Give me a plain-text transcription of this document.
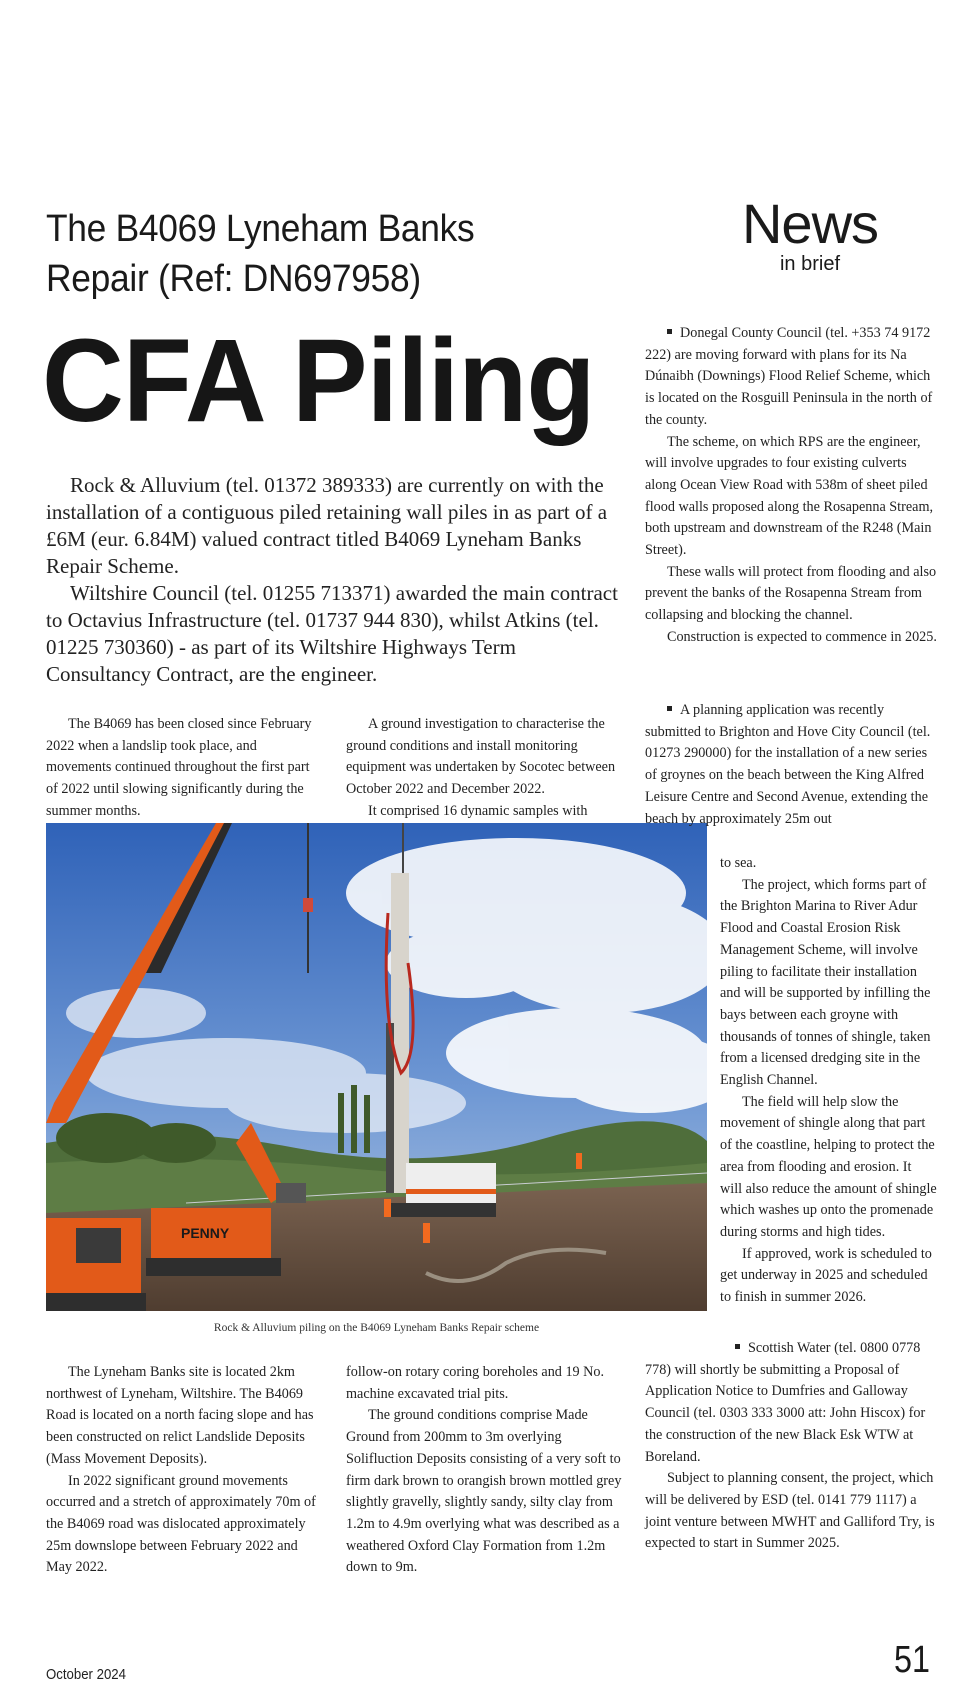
The B4069 Lyneham Banks
Repair (Ref: DN697958)
CFA Piling

Rock & Alluvium (tel. 01372 389333) are currently on with the installation of a contiguous piled retaining wall piles in as part of a £6M (eur. 6.84M) valued contract titled B4069 Lyneham Banks Repair Scheme.

Wiltshire Council (tel. 01255 713371) awarded the main contract to Octavius Infrastructure (tel. 01737 944 830), whilst Atkins (tel. 01225 730360) - as part of its Wiltshire Highways Term Consultancy Contract, are the engineer.

The B4069 has been closed since February 2022 when a landslip took place, and movements continued throughout the first part of 2022 until slowing significantly during the summer months.

A ground investigation to characterise the ground conditions and install monitoring equipment was undertaken by Socotec between October 2022 and December 2022.

It comprised 16 dynamic samples with

PENNY
Rock & Alluvium piling on the B4069 Lyneham Banks Repair scheme

The Lyneham Banks site is located 2km northwest of Lyneham, Wiltshire. The B4069 Road is located on a north facing slope and has been constructed on relict Landslide Deposits (Mass Movement Deposits).

In 2022 significant ground movements occurred and a stretch of approximately 70m of the B4069 road was dislocated approximately 25m downslope between February 2022 and May 2022.

follow-on rotary coring boreholes and 19 No. machine excavated trial pits.

The ground conditions comprise Made Ground from 200mm to 3m overlying Solifluction Deposits consisting of a very soft to firm dark brown to orangish brown mottled grey slightly gravelly, slightly sandy, silty clay from 1.2m to 4.9m overlying what was described as a weathered Oxford Clay Formation from 1.2m down to 9m.

News
in brief

Donegal County Council (tel. +353 74 9172 222) are moving forward with plans for its Na Dúnaibh (Downings) Flood Relief Scheme, which is located on the Rosguill Peninsula in the north of the county.

The scheme, on which RPS are the engineer, will involve upgrades to four existing culverts along Ocean View Road with 538m of sheet piled flood walls proposed along the Rosapenna Stream, both upstream and downstream of the R248 (Main Street).

These walls will protect from flooding and also prevent the banks of the Rosapenna Stream from collapsing and blocking the channel.

Construction is expected to commence in 2025.

A planning application was recently submitted to Brighton and Hove City Council (tel. 01273 290000) for the installation of a new series of groynes on the beach between the King Alfred Leisure Centre and Second Avenue, extending the beach by approximately 25m out

to sea.

The project, which forms part of the Brighton Marina to River Adur Flood and Coastal Erosion Risk Management Scheme, will involve piling to facilitate their installation and will be supported by infilling the bays between each groyne with thousands of tonnes of shingle, taken from a licensed dredging site in the English Channel.

The field will help slow the movement of shingle along that part of the coastline, helping to protect the area from flooding and erosion. It will also reduce the amount of shingle which washes up onto the promenade during storms and high tides.

If approved, work is scheduled to get underway in 2025 and scheduled to finish in summer 2026.

Scottish Water (tel. 0800 0778 778) will shortly be submitting a Proposal of Application Notice to Dumfries and Galloway Council (tel. 0303 333 3000 att: John Hiscox) for the construction of the new Black Esk WTW at Boreland.

Subject to planning consent, the project, which will be delivered by ESD (tel. 0141 779 1117) a joint venture between MWHT and Galliford Try, is expected to start in Summer 2025.

October 2024	51
